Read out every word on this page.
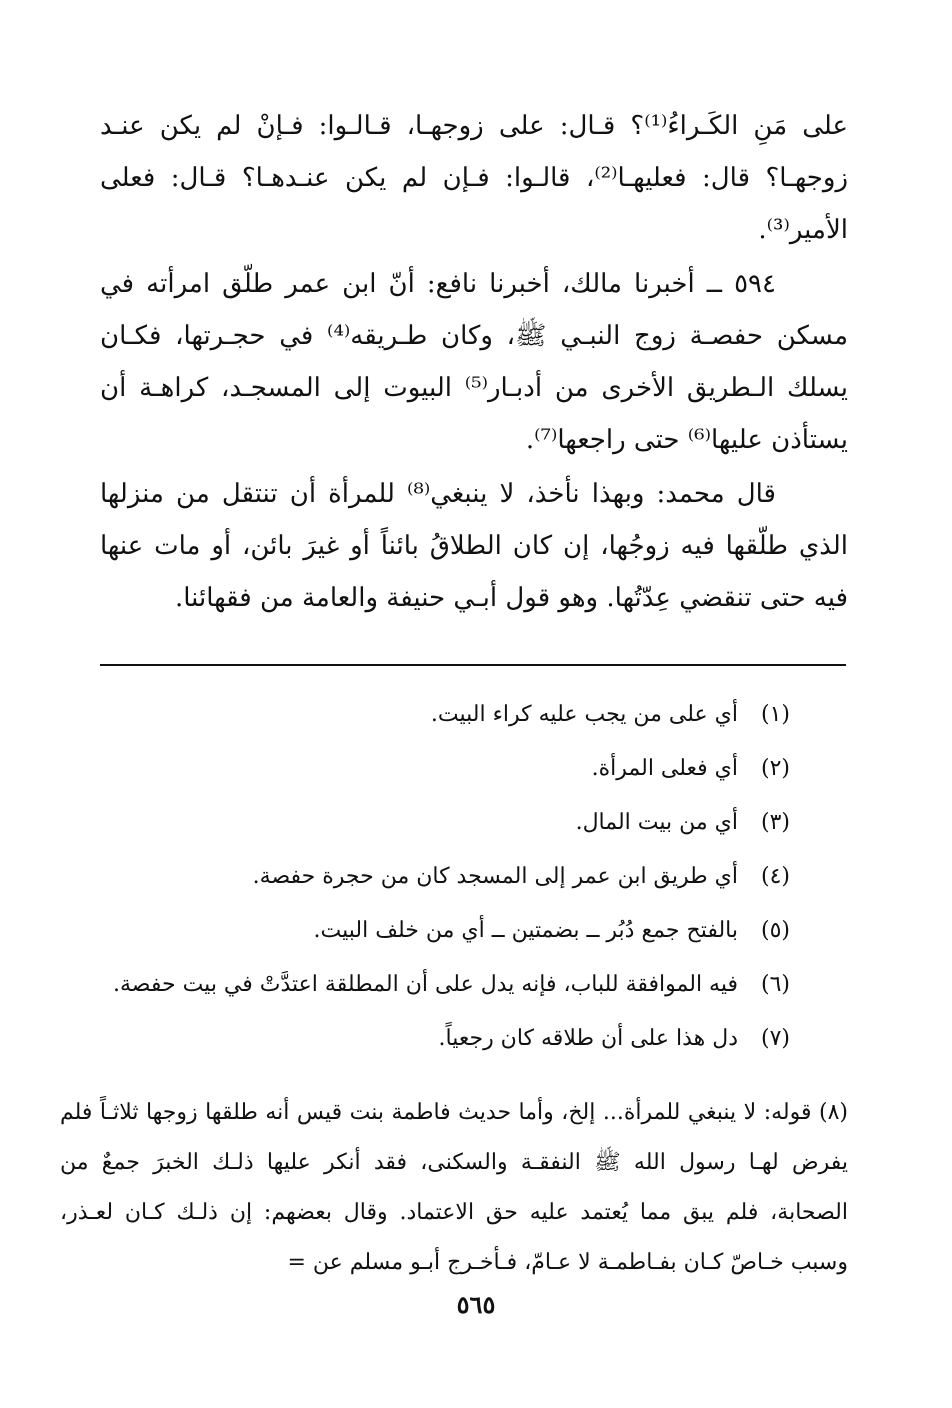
على مَنِ الكَـراءُ⁽¹⁾؟ قـال: على زوجهـا، قـالـوا: فـإنْ لم يكن عنـد زوجهـا؟ قال: فعليهـا⁽²⁾، قالـوا: فـإن لم يكن عنـدهـا؟ قـال: فعلى الأمير⁽³⁾.

٥٩٤ ــ أخبرنا مالك، أخبرنا نافع: أنّ ابن عمر طلّق امرأته في مسكن حفصـة زوج النبـي ﷺ، وكان طـريقه⁽⁴⁾ في حجـرتها، فكـان يسلك الـطريق الأخرى من أدبـار⁽⁵⁾ البيوت إلى المسجـد، كراهـة أن يستأذن عليها⁽⁶⁾ حتى راجعها⁽⁷⁾.

قال محمد: وبهذا نأخذ، لا ينبغي⁽⁸⁾ للمرأة أن تنتقل من منزلها الذي طلّقها فيه زوجُها، إن كان الطلاقُ بائناً أو غيرَ بائن، أو مات عنها فيه حتى تنقضي عِدّتُها. وهو قول أبـي حنيفة والعامة من فقهائنا.

(١)أي على من يجب عليه كراء البيت.
(٢)أي فعلى المرأة.
(٣)أي من بيت المال.
(٤)أي طريق ابن عمر إلى المسجد كان من حجرة حفصة.
(٥)بالفتح جمع دُبُر ــ بضمتين ــ أي من خلف البيت.
(٦)فيه الموافقة للباب، فإنه يدل على أن المطلقة اعتدَّتْ في بيت حفصة.
(٧)دل هذا على أن طلاقه كان رجعياً.

(٨) قوله: لا ينبغي للمرأة... إلخ، وأما حديث فاطمة بنت قيس أنه طلقها زوجها ثلاثـاً فلم يفرض لهـا رسول الله ﷺ النفقـة والسكنى، فقد أنكر عليها ذلـك الخبرَ جمعٌ من الصحابة، فلم يبق مما يُعتمد عليه حق الاعتماد. وقال بعضهم: إن ذلـك كـان لعـذر، وسبب خـاصّ كـان بفـاطمـة لا عـامّ، فـأخـرج أبـو مسلم عن =

٥٦٥
